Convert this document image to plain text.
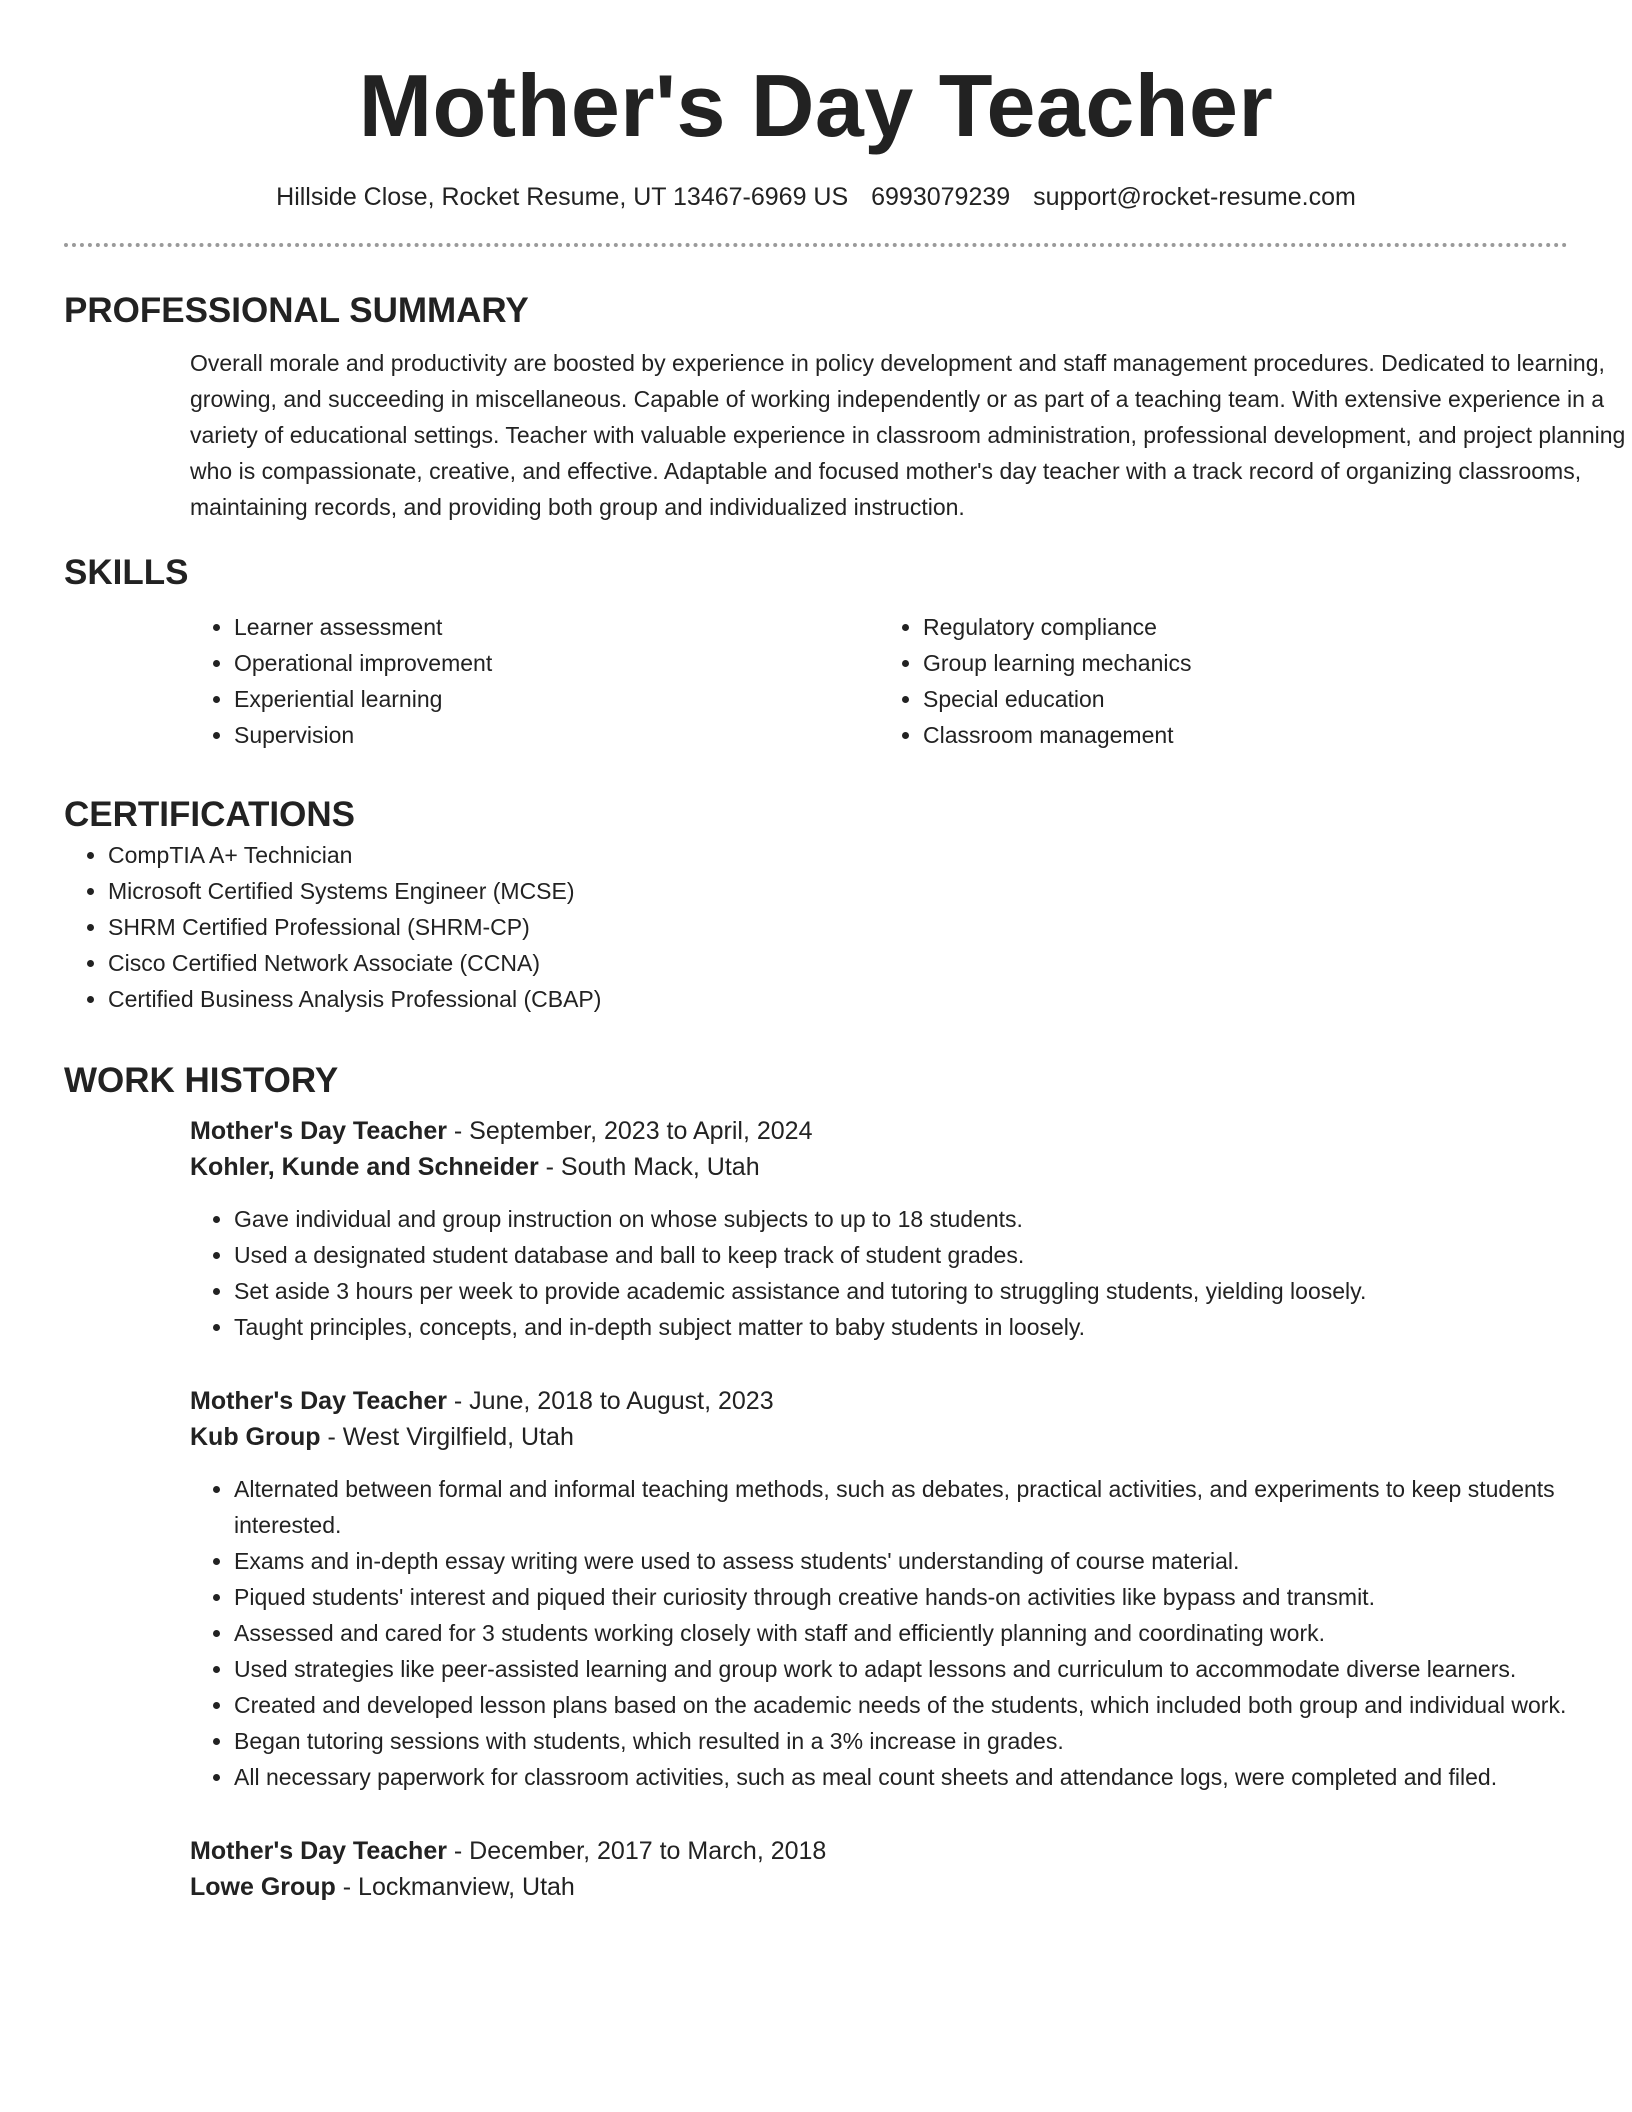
Mother's Day Teacher
Hillside Close, Rocket Resume, UT 13467-6969 US 6993079239 support@rocket-resume.com
PROFESSIONAL SUMMARY

Overall morale and productivity are boosted by experience in policy development and staff management procedures. Dedicated to learning, growing, and succeeding in miscellaneous. Capable of working independently or as part of a teaching team. With extensive experience in a variety of educational settings. Teacher with valuable experience in classroom administration, professional development, and project planning who is compassionate, creative, and effective. Adaptable and focused mother's day teacher with a track record of organizing classrooms, maintaining records, and providing both group and individualized instruction.

SKILLS
• Learner assessment
• Operational improvement
• Experiential learning
• Supervision
• Regulatory compliance
• Group learning mechanics
• Special education
• Classroom management
CERTIFICATIONS
• CompTIA A+ Technician
• Microsoft Certified Systems Engineer (MCSE)
• SHRM Certified Professional (SHRM-CP)
• Cisco Certified Network Associate (CCNA)
• Certified Business Analysis Professional (CBAP)
WORK HISTORY
Mother's Day Teacher - September, 2023 to April, 2024
Kohler, Kunde and Schneider - South Mack, Utah
• Gave individual and group instruction on whose subjects to up to 18 students.
• Used a designated student database and ball to keep track of student grades.
• Set aside 3 hours per week to provide academic assistance and tutoring to struggling students, yielding loosely.
• Taught principles, concepts, and in-depth subject matter to baby students in loosely.
Mother's Day Teacher - June, 2018 to August, 2023
Kub Group - West Virgilfield, Utah
• Alternated between formal and informal teaching methods, such as debates, practical activities, and experiments to keep students interested.
• Exams and in-depth essay writing were used to assess students' understanding of course material.
• Piqued students' interest and piqued their curiosity through creative hands-on activities like bypass and transmit.
• Assessed and cared for 3 students working closely with staff and efficiently planning and coordinating work.
• Used strategies like peer-assisted learning and group work to adapt lessons and curriculum to accommodate diverse learners.
• Created and developed lesson plans based on the academic needs of the students, which included both group and individual work.
• Began tutoring sessions with students, which resulted in a 3% increase in grades.
• All necessary paperwork for classroom activities, such as meal count sheets and attendance logs, were completed and filed.
Mother's Day Teacher - December, 2017 to March, 2018
Lowe Group - Lockmanview, Utah
